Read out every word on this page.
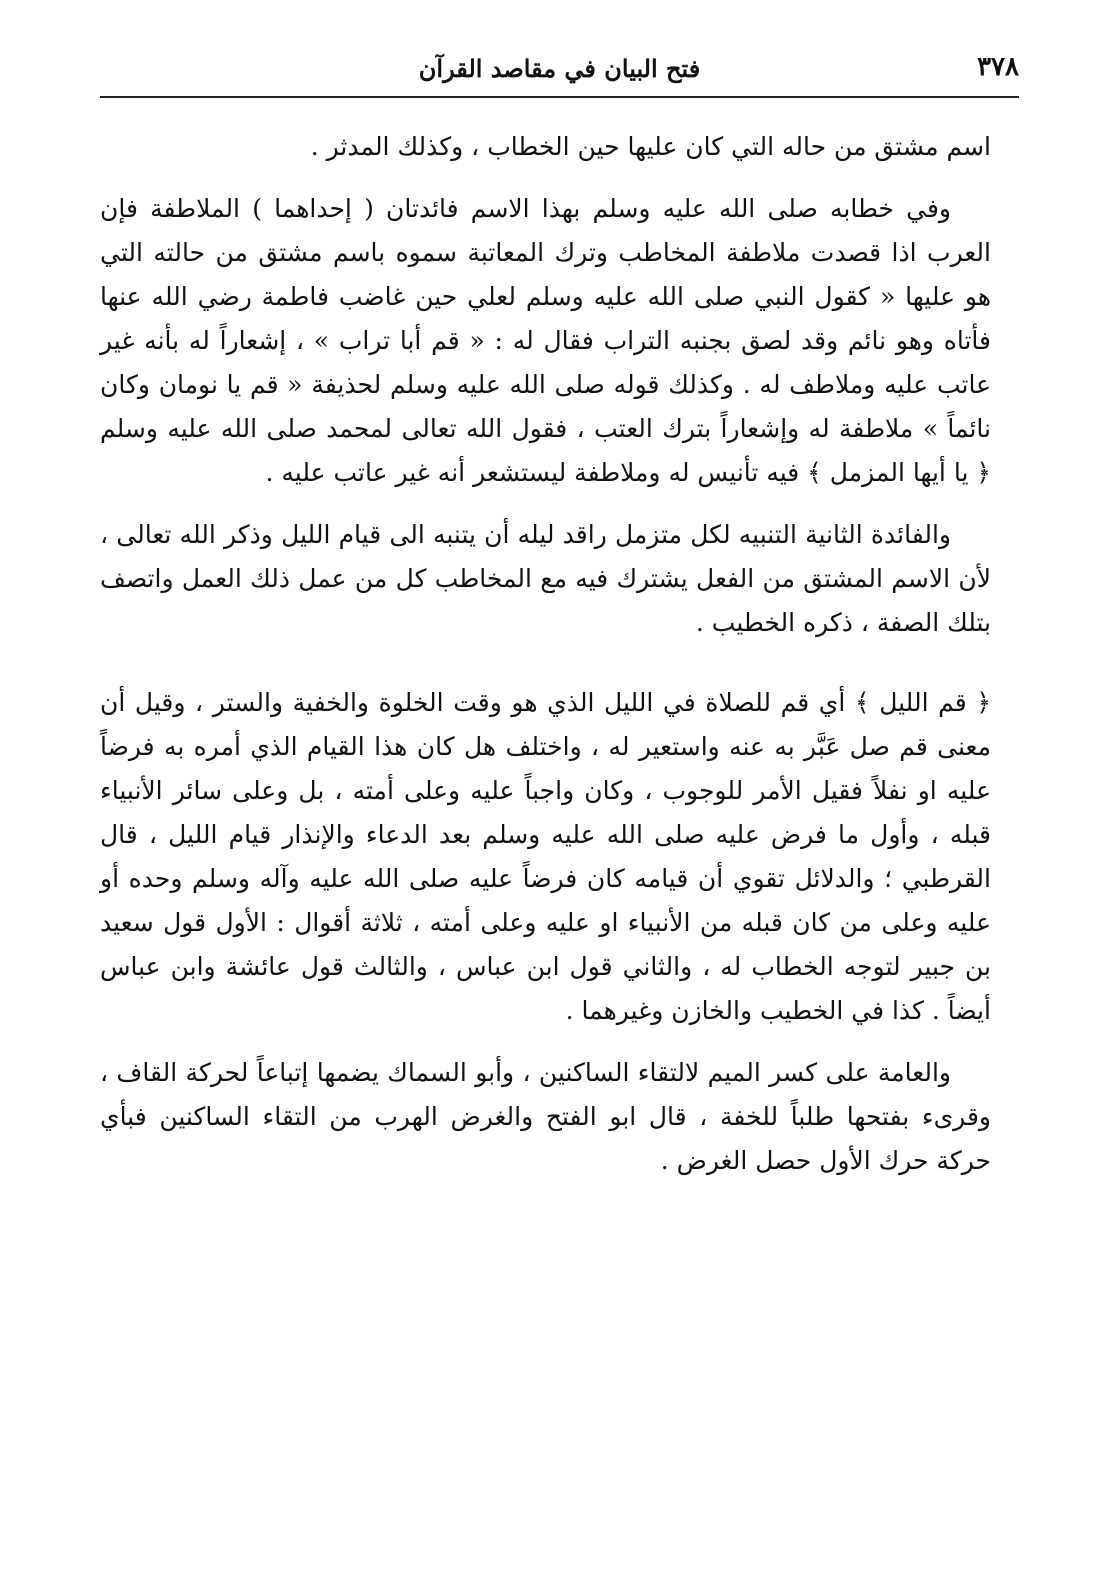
٣٧٨
فتح البيان في مقاصد القرآن

اسم مشتق من حاله التي كان عليها حين الخطاب ، وكذلك المدثر .

وفي خطابه صلى الله عليه وسلم بهذا الاسم فائدتان ( إحداهما ) الملاطفة فإن العرب اذا قصدت ملاطفة المخاطب وترك المعاتبة سموه باسم مشتق من حالته التي هو عليها « كقول النبي صلى الله عليه وسلم لعلي حين غاضب فاطمة رضي الله عنها فأتاه وهو نائم وقد لصق بجنبه التراب فقال له : « قم أبا تراب » ، إشعاراً له بأنه غير عاتب عليه وملاطف له . وكذلك قوله صلى الله عليه وسلم لحذيفة « قم يا نومان وكان نائماً » ملاطفة له وإشعاراً بترك العتب ، فقول الله تعالى لمحمد صلى الله عليه وسلم ﴿ يا أيها المزمل ﴾ فيه تأنيس له وملاطفة ليستشعر أنه غير عاتب عليه .

والفائدة الثانية التنبيه لكل متزمل راقد ليله أن يتنبه الى قيام الليل وذكر الله تعالى ، لأن الاسم المشتق من الفعل يشترك فيه مع المخاطب كل من عمل ذلك العمل واتصف بتلك الصفة ، ذكره الخطيب .

﴿ قم الليل ﴾ أي قم للصلاة في الليل الذي هو وقت الخلوة والخفية والستر ، وقيل أن معنى قم صل عَبَّر به عنه واستعير له ، واختلف هل كان هذا القيام الذي أمره به فرضاً عليه او نفلاً فقيل الأمر للوجوب ، وكان واجباً عليه وعلى أمته ، بل وعلى سائر الأنبياء قبله ، وأول ما فرض عليه صلى الله عليه وسلم بعد الدعاء والإنذار قيام الليل ، قال القرطبي ؛ والدلائل تقوي أن قيامه كان فرضاً عليه صلى الله عليه وآله وسلم وحده أو عليه وعلى من كان قبله من الأنبياء او عليه وعلى أمته ، ثلاثة أقوال : الأول قول سعيد بن جبير لتوجه الخطاب له ، والثاني قول ابن عباس ، والثالث قول عائشة وابن عباس أيضاً . كذا في الخطيب والخازن وغيرهما .

والعامة على كسر الميم لالتقاء الساكنين ، وأبو السماك يضمها إتباعاً لحركة القاف ، وقرىء بفتحها طلباً للخفة ، قال ابو الفتح والغرض الهرب من التقاء الساكنين فبأي حركة حرك الأول حصل الغرض .
